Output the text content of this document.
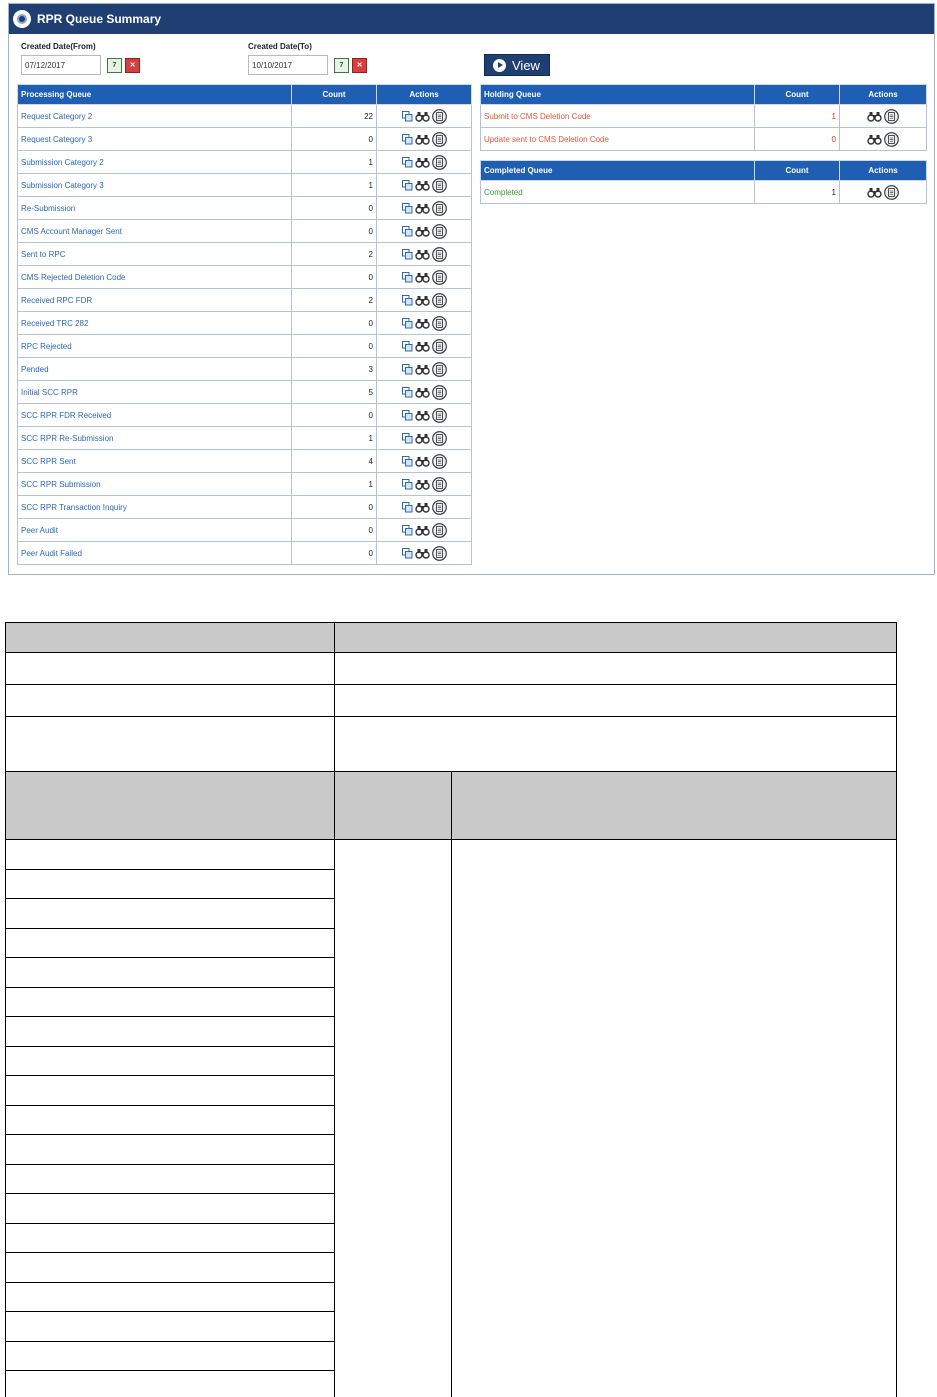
RPR Queue Summary
Created Date(From)
07/12/2017
7	✕
Created Date(To)
10/10/2017
7	✕	View
Processing Queue	Count	Actions
Request Category 2	22	

Request Category 3	0	

Submission Category 2	1	

Submission Category 3	1	

Re-Submission	0	

CMS Account Manager Sent	0	

Sent to RPC	2	

CMS Rejected Deletion Code	0	

Received RPC FDR	2	

Received TRC 282	0	

RPC Rejected	0	

Pended	3	

Initial SCC RPR	5	

SCC RPR FDR Received	0	

SCC RPR Re-Submission	1	

SCC RPR Sent	4	

SCC RPR Submission	1	

SCC RPR Transaction Inquiry	0	

Peer Audit	0	

Peer Audit Failed	0	
Holding Queue	Count	Actions
Submit to CMS Deletion Code	1	

Update sent to CMS Deletion Code	0	
Completed Queue	Count	Actions
Completed	1	
